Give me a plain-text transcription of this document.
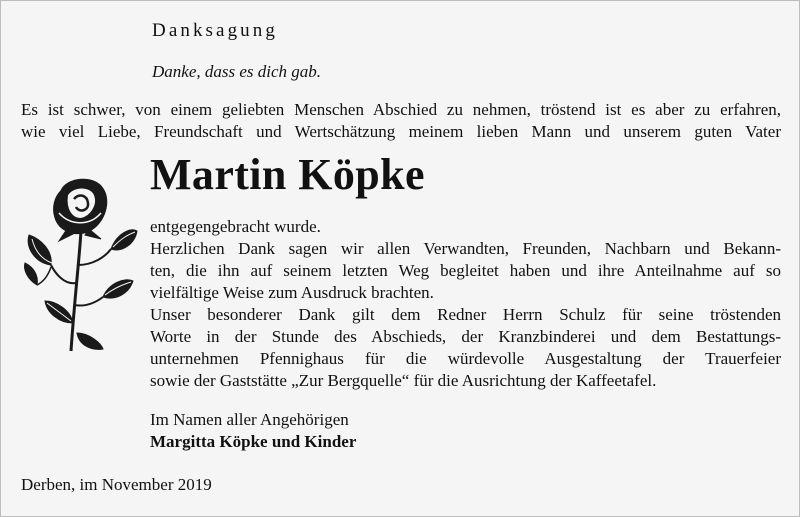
Danksagung
Danke, dass es dich gab.
Es ist schwer, von einem geliebten Menschen Abschied zu nehmen, tröstend ist es aber zu erfahren,
wie viel Liebe, Freundschaft und Wertschätzung meinem lieben Mann und unserem guten Vater
Martin Köpke
entgegengebracht wurde.
Herzlichen Dank sagen wir allen Verwandten, Freunden, Nachbarn und Bekann-
ten, die ihn auf seinem letzten Weg begleitet haben und ihre Anteilnahme auf so
vielfältige Weise zum Ausdruck brachten.
Unser besonderer Dank gilt dem Redner Herrn Schulz für seine tröstenden
Worte in der Stunde des Abschieds, der Kranzbinderei und dem Bestattungs-
unternehmen Pfennighaus für die würdevolle Ausgestaltung der Trauerfeier
sowie der Gaststätte „Zur Bergquelle“ für die Ausrichtung der Kaffeetafel.
Im Namen aller Angehörigen
Margitta Köpke und Kinder
Derben, im November 2019
